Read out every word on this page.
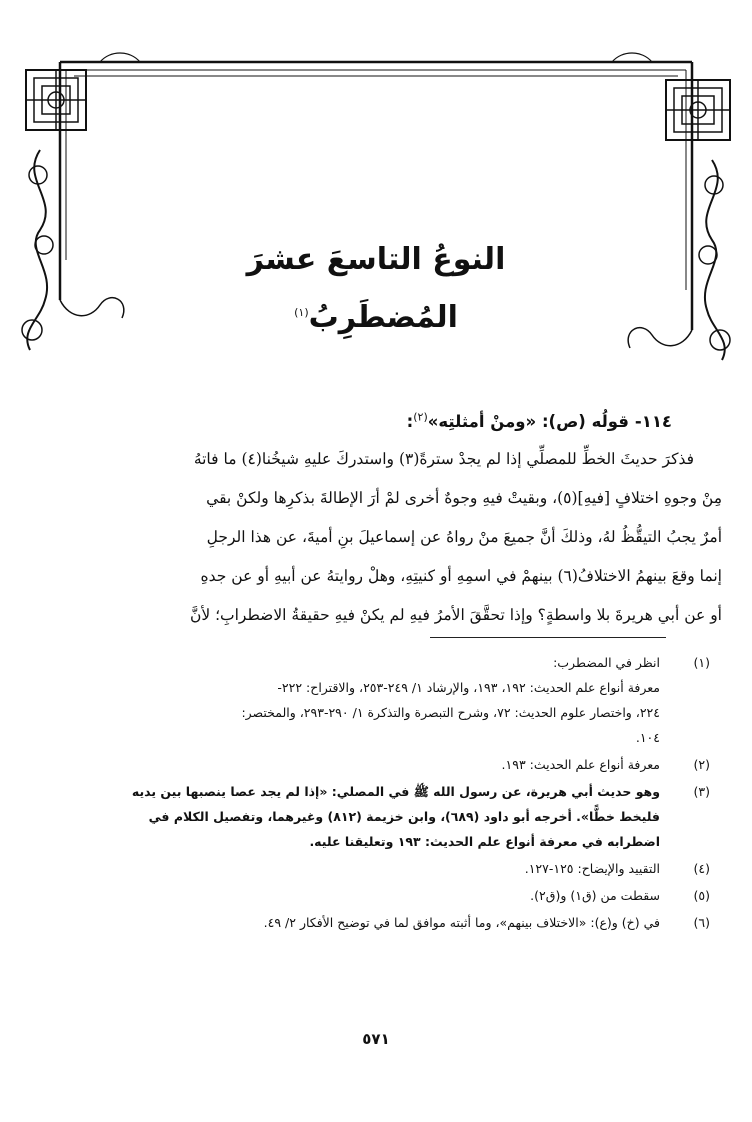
النوعُ التاسعَ عشرَ
المُضطَرِبُ$^{(١)}$
١١٤-قولُه (ص): «ومنْ أمثلتِه»$^{(٢)}$:
فذكرَ حديثَ الخطِّ للمصلِّي إذا لم يجدْ سترةً(٣) واستدركَ عليهِ شيخُنا(٤) ما فاتهُ
مِنْ وجوهِ اختلافٍ [فيهِ](٥)، وبقيتْ فيهِ وجوهٌ أخرى لمْ أرَ الإطالةَ بذكرِها ولكنْ بقي
أمرٌ يجبُ التيقُّظُ لهُ، وذلكَ أنَّ جميعَ منْ رواهُ عن إسماعيلَ بنِ أميةَ، عن هذا الرجلِ
إنما وقعَ بينهمُ الاختلافُ(٦) بينهمْ في اسمِهِ أو كنيتِهِ، وهلْ روايتهُ عن أبيهِ أو عن جدهِ
أو عن أبي هريرةَ بلا واسطةٍ؟ وإذا تحقَّقَ الأمرُ فيهِ لم يكنْ فيهِ حقيقةُ الاضطرابِ؛ لأنَّ
(١)
انظر في المضطرب:
معرفة أنواع علم الحديث: ١٩٢، ١٩٣، والإرشاد ١/ ٢٤٩-٢٥٣، والاقتراح: ٢٢٢-
٢٢٤، واختصار علوم الحديث: ٧٢، وشرح التبصرة والتذكرة ١/ ٢٩٠-٢٩٣، والمختصر:
١٠٤.
(٢)
معرفة أنواع علم الحديث: ١٩٣.
(٣)
وهو حديث أبي هريرة، عن رسول الله ﷺ في المصلي: «إذا لم يجد عصا ينصبها بين يديه
فليخط خطًّا». أخرجه أبو داود (٦٨٩)، وابن خزيمة (٨١٢) وغيرهما، وتفصيل الكلام في
اضطرابه في معرفة أنواع علم الحديث: ١٩٣ وتعليقنا عليه.
(٤)
التقييد والإيضاح: ١٢٥-١٢٧.
(٥)
سقطت من (ق١) و(ق٢).
(٦)
في (خ) و(ع): «الاختلاف بينهم»، وما أثبته موافق لما في توضيح الأفكار ٢/ ٤٩.
٥٧١
